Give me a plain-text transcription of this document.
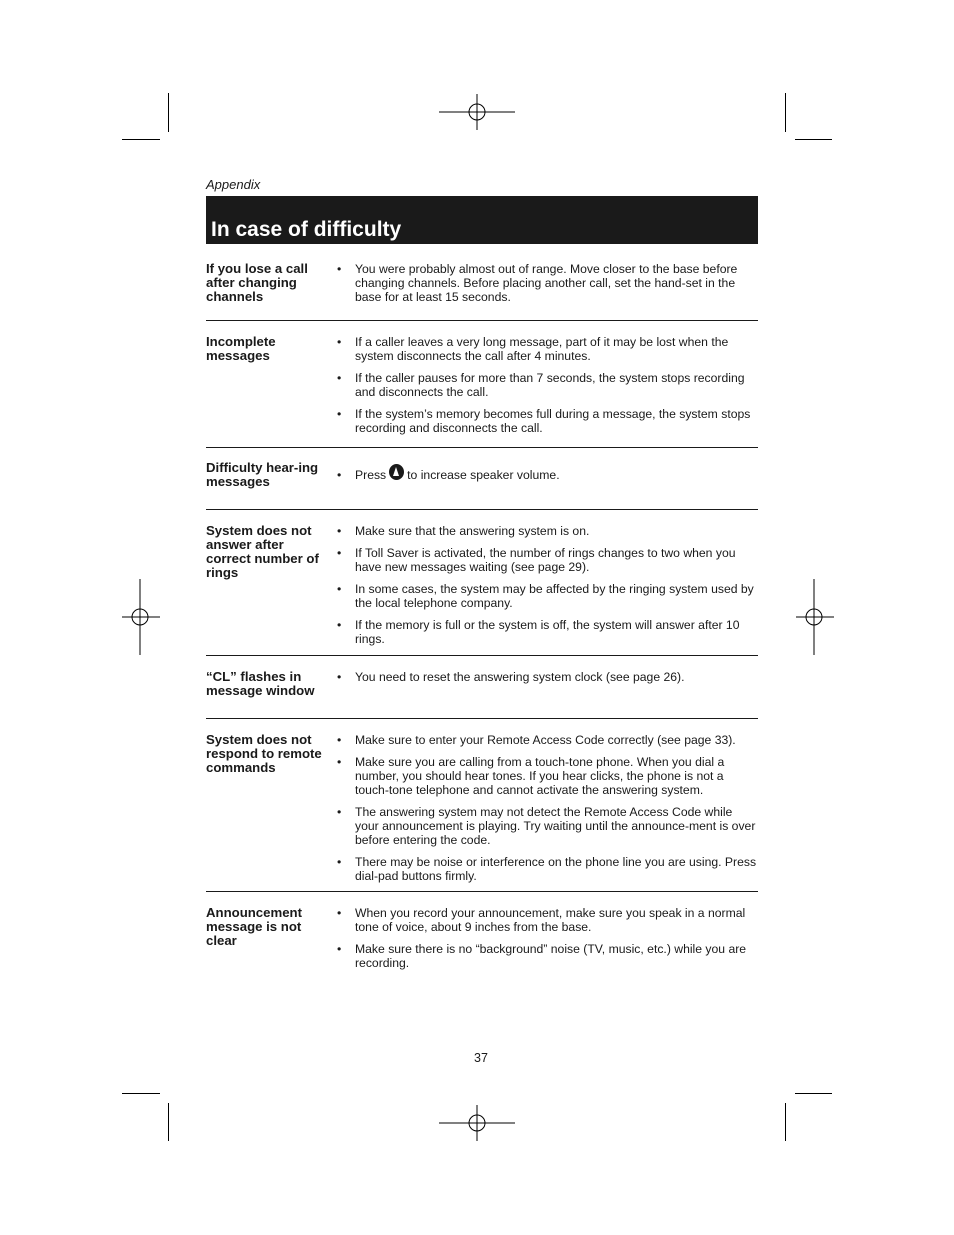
Appendix
In case of difficulty
If you lose a call after changing channels
• You were probably almost out of range. Move closer to the base before changing channels. Before placing another call, set the hand-set in the base for at least 15 seconds.
Incomplete messages
• If a caller leaves a very long message, part of it may be lost when the system disconnects the call after 4 minutes.
• If the caller pauses for more than 7 seconds, the system stops recording and disconnects the call.
• If the system’s memory becomes full during a message, the system stops recording and disconnects the call.
Difficulty hear-ing messages
•	Press to increase speaker volume.
System does not answer after correct number of rings
• Make sure that the answering system is on.
• If Toll Saver is activated, the number of rings changes to two when you have new messages waiting (see page 29).
• In some cases, the system may be affected by the ringing system used by the local telephone company.
• If the memory is full or the system is off, the system will answer after 10 rings.
“CL” flashes in message window
• You need to reset the answering system clock (see page 26).
System does not respond to remote commands
• Make sure to enter your Remote Access Code correctly (see page 33).
• Make sure you are calling from a touch-tone phone. When you dial a number, you should hear tones. If you hear clicks, the phone is not a touch-tone telephone and cannot activate the answering system.
• The answering system may not detect the Remote Access Code while your announcement is playing. Try waiting until the announce-ment is over before entering the code.
• There may be noise or interference on the phone line you are using. Press dial-pad buttons firmly.
Announcement message is not clear
• When you record your announcement, make sure you speak in a normal tone of voice, about 9 inches from the base.
• Make sure there is no “background” noise (TV, music, etc.) while you are recording.
37
